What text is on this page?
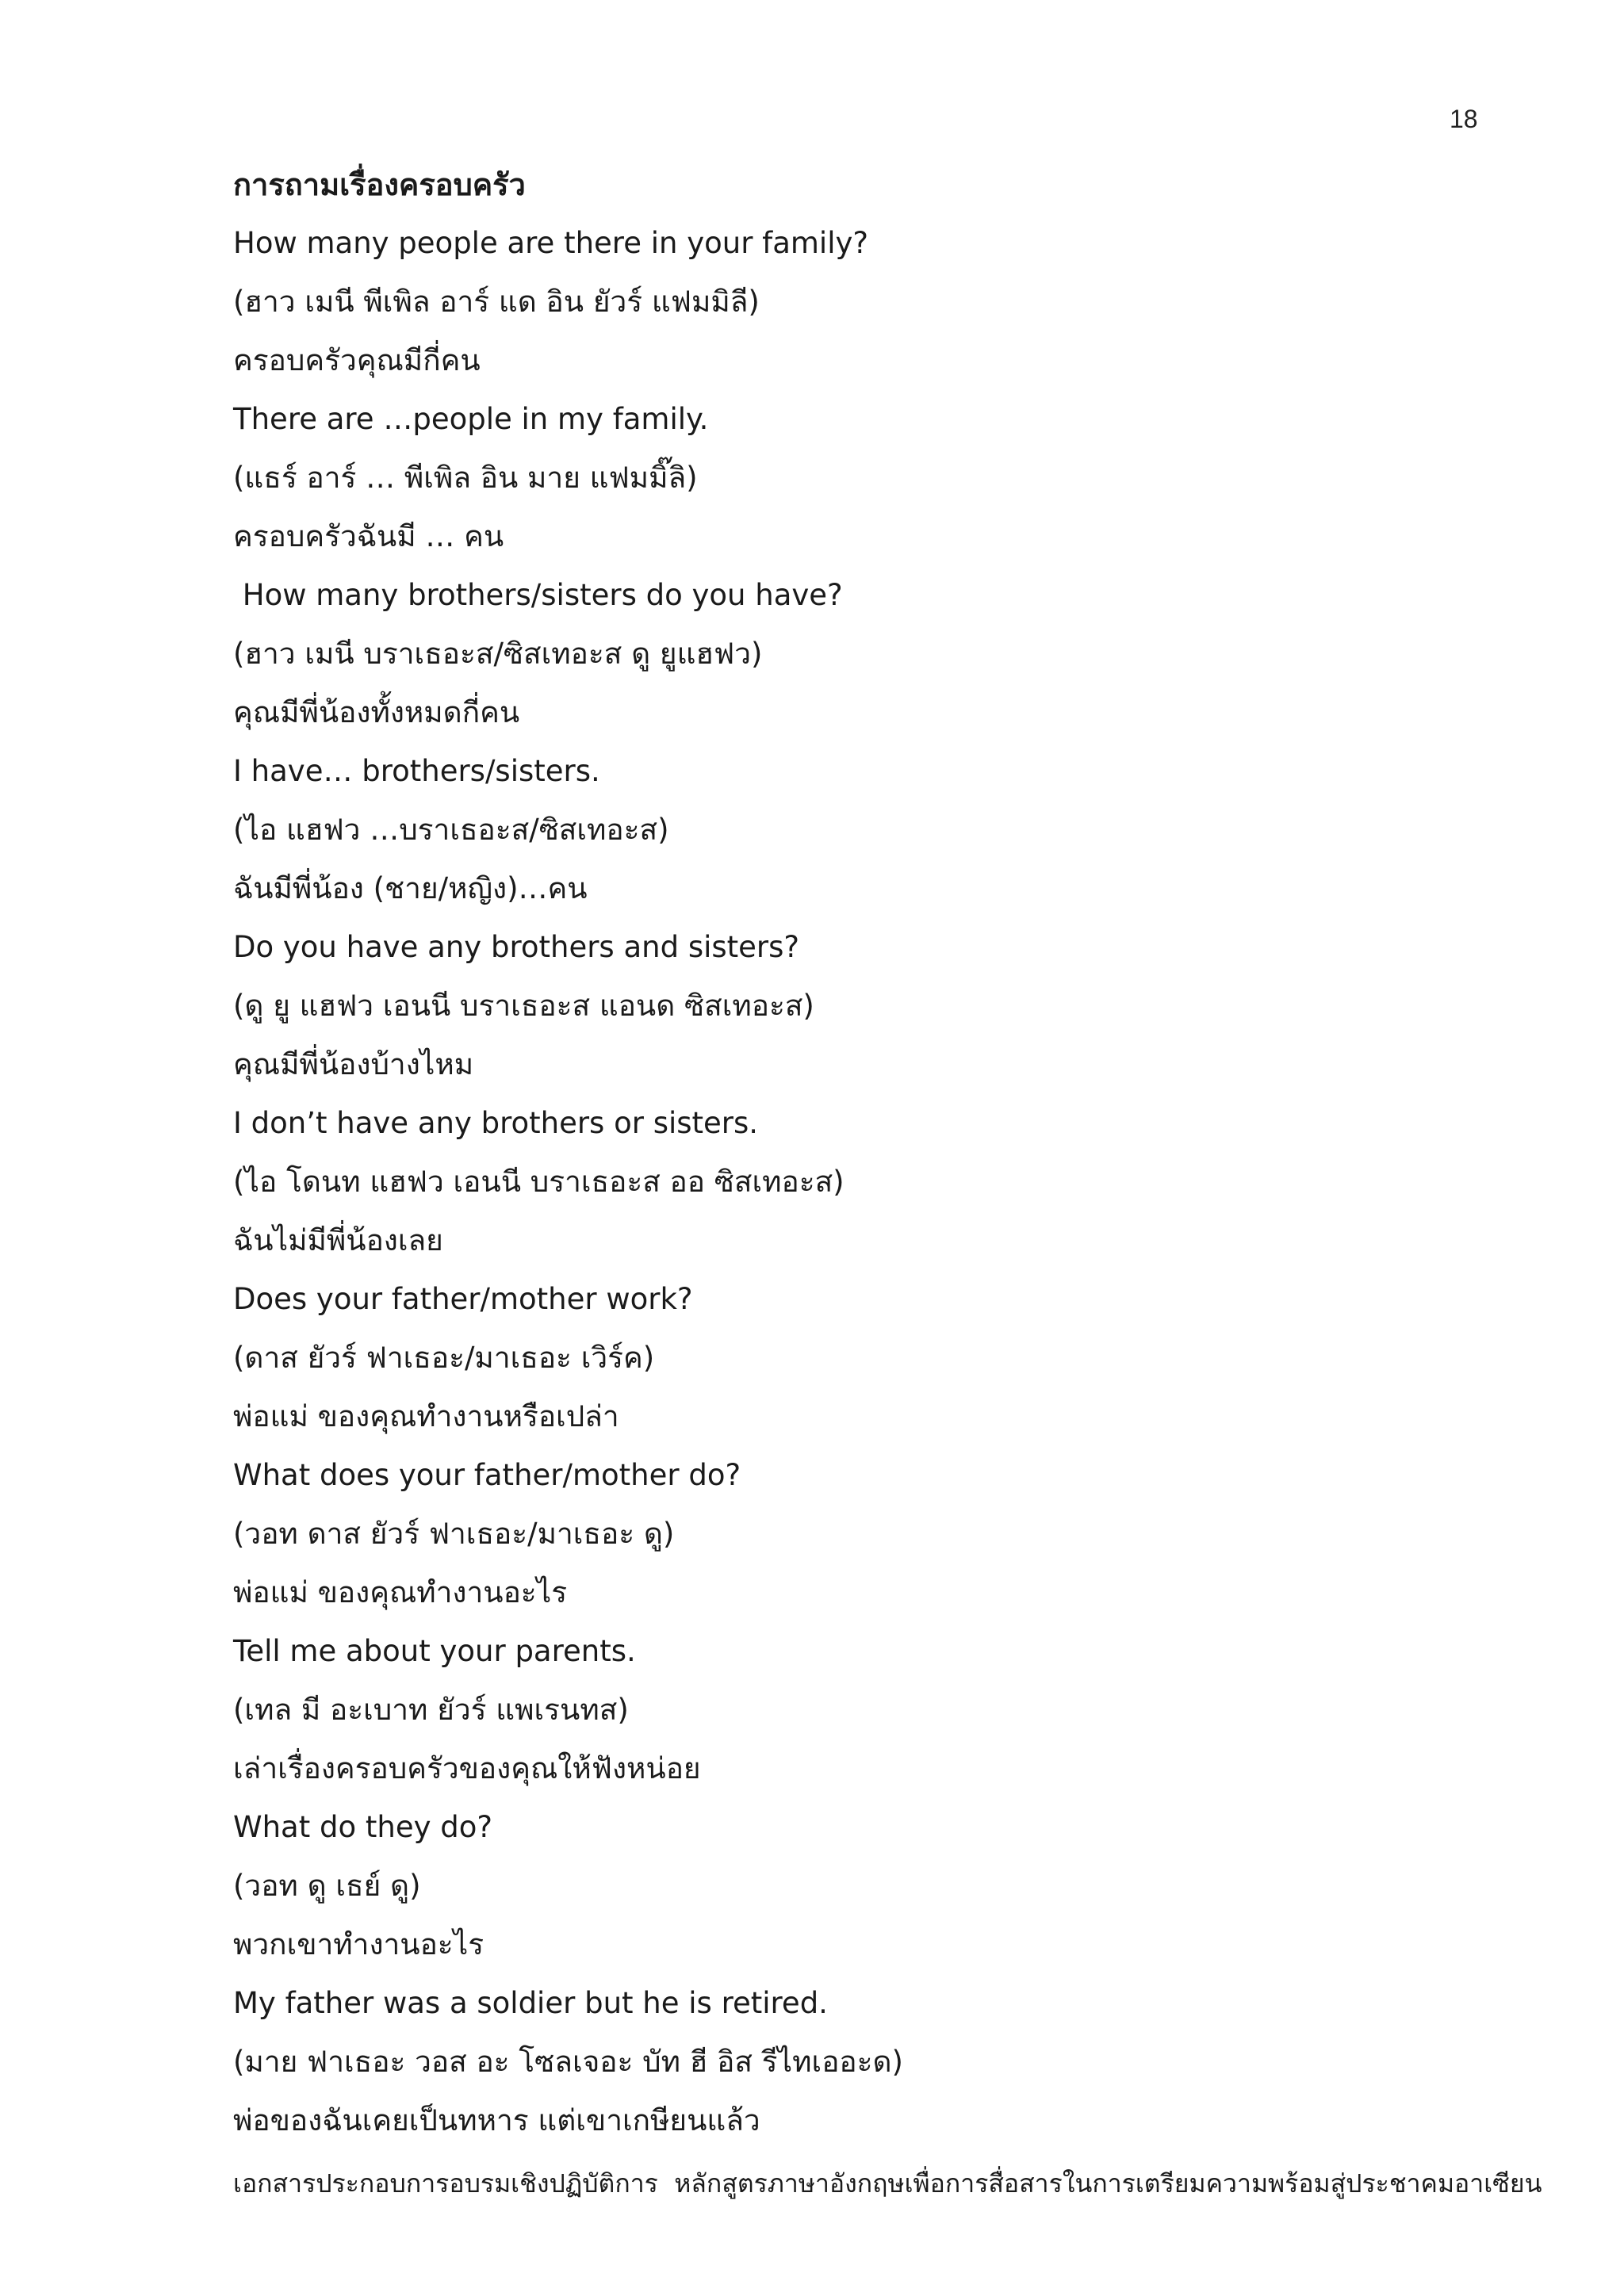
18
การถามเรื่องครอบครัว
How many people are there in your family?
(ฮาว เมนี พีเพิล อาร์ แด อิน ยัวร์ แฟมมิลี)
ครอบครัวคุณมีกี่คน
There are …people in my family.
(แธร์ อาร์ … พีเพิล อิน มาย แฟมมิ๊ลิ)
ครอบครัวฉันมี … คน
How many brothers/sisters do you have?
(ฮาว เมนี บราเธอะส/ซิสเทอะส ดู ยูแฮฟว)
คุณมีพี่น้องทั้งหมดกี่คน
I have… brothers/sisters.
(ไอ แฮฟว …บราเธอะส/ซิสเทอะส)
ฉันมีพี่น้อง (ชาย/หญิง)…คน
Do you have any brothers and sisters?
(ดู ยู แฮฟว เอนนี บราเธอะส แอนด ซิสเทอะส)
คุณมีพี่น้องบ้างไหม
I don’t have any brothers or sisters.
(ไอ โดนท แฮฟว เอนนี บราเธอะส ออ ซิสเทอะส)
ฉันไม่มีพี่น้องเลย
Does your father/mother work?
(ดาส ยัวร์ ฟาเธอะ/มาเธอะ เวิร์ค)
พ่อแม่ ของคุณทำงานหรือเปล่า
What does your father/mother do?
(วอท ดาส ยัวร์ ฟาเธอะ/มาเธอะ ดู)
พ่อแม่ ของคุณทำงานอะไร
Tell me about your parents.
(เทล มี อะเบาท ยัวร์ แพเรนทส)
เล่าเรื่องครอบครัวของคุณให้ฟังหน่อย
What do they do?
(วอท ดู เธย์ ดู)
พวกเขาทำงานอะไร
My father was a soldier but he is retired.
(มาย ฟาเธอะ วอส อะ โซลเจอะ บัท ฮี อิส รีไทเออะด)
พ่อของฉันเคยเป็นทหาร แต่เขาเกษียนแล้ว
เอกสารประกอบการอบรมเชิงปฏิบัติการ  หลักสูตรภาษาอังกฤษเพื่อการสื่อสารในการเตรียมความพร้อมสู่ประชาคมอาเซียน
